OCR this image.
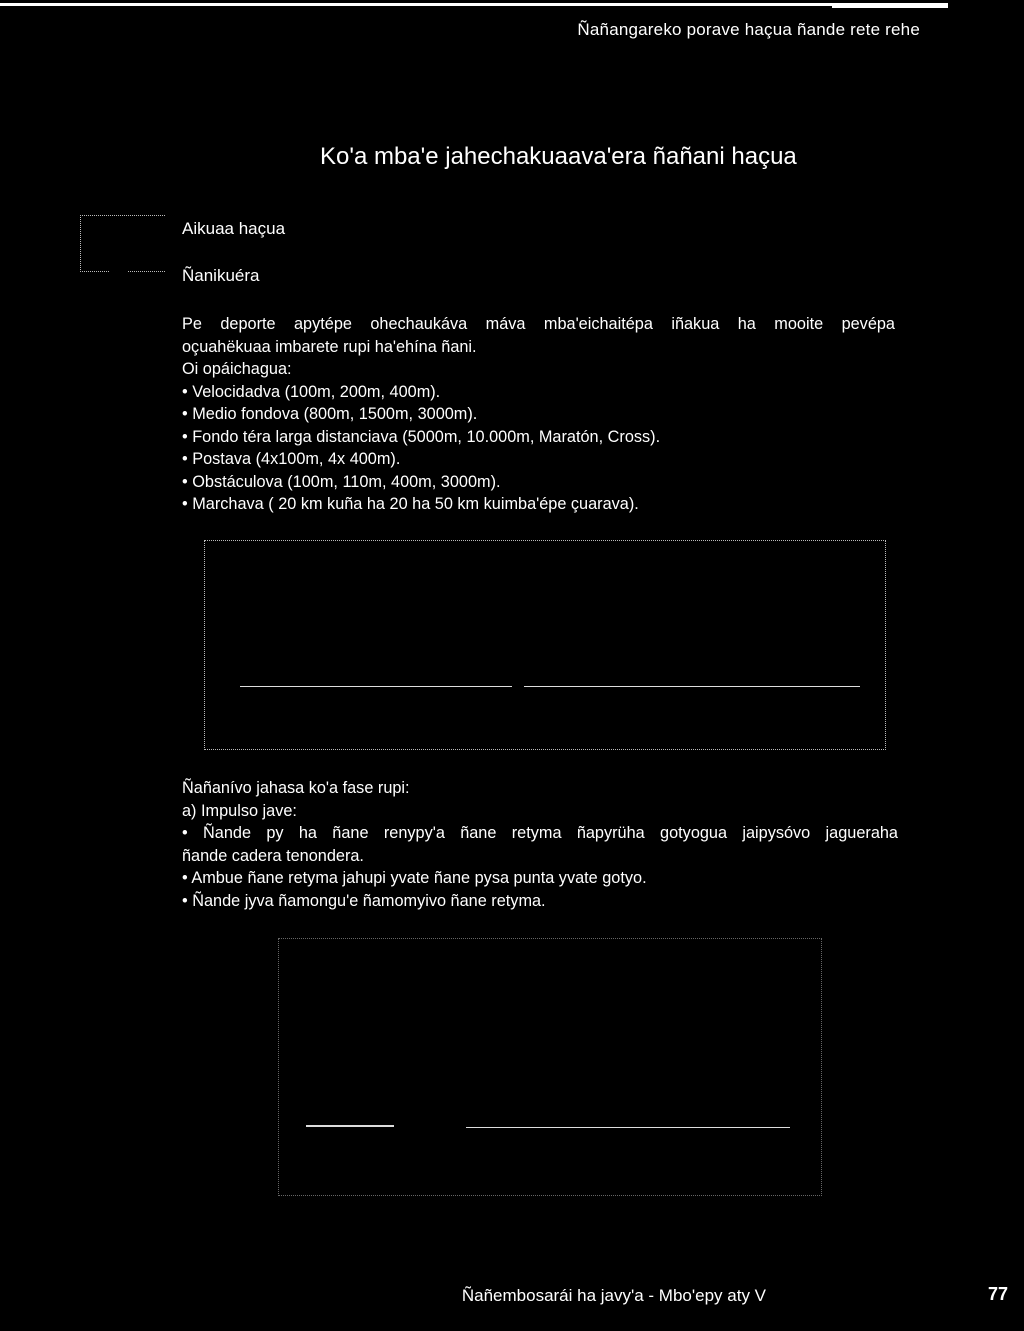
Ñañangareko porave haçua ñande rete rehe
Ko'a mba'e jahechakuaava'era ñañani haçua
Aikuaa haçua
Ñanikuéra
Pe deporte apytépe ohechaukáva máva mba'eichaitépa iñakua ha mooite pevépa
oçuahëkuaa imbarete rupi ha'ehína ñani.
Oi opáichagua:
• Velocidadva (100m, 200m, 400m).
• Medio fondova (800m, 1500m, 3000m).
• Fondo téra larga distanciava (5000m, 10.000m, Maratón, Cross).
• Postava (4x100m, 4x 400m).
• Obstáculova (100m, 110m, 400m, 3000m).
• Marchava ( 20 km kuña ha 20 ha 50 km kuimba'épe çuarava).
Ñañanívo jahasa ko'a fase rupi:
a) Impulso jave:
• Ñande py ha ñane renypy'a ñane retyma ñapyrüha gotyogua jaipysóvo jagueraha
ñande cadera tenondera.
• Ambue ñane retyma jahupi yvate ñane pysa punta yvate gotyo.
• Ñande jyva ñamongu'e ñamomyivo ñane retyma.
Ñañembosarái ha javy'a - Mbo'epy aty V	77
